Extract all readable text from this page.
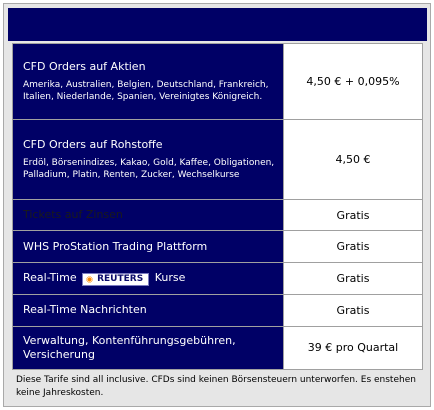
CFD Orders auf Aktien
Amerika, Australien, Belgien, Deutschland, Frankreich, Italien, Niederlande, Spanien, Vereinigtes Königreich.	4,50 € + 0,095%

CFD Orders auf Rohstoffe
Erdöl, Börsenindizes, Kakao, Gold, Kaffee, Obligationen, Palladium, Platin, Renten, Zucker, Wechselkurse	4,50 €
Tickets auf Zinsen	Gratis
WHS ProStation Trading Plattform	Gratis
Real-Time REUTERS Kurse	Gratis
Real-Time Nachrichten	Gratis
Verwaltung, Kontenführungsgebühren, Versicherung	39 € pro Quartal
Diese Tarife sind all inclusive. CFDs sind keinen Börsensteuern unterworfen. Es enstehen keine Jahreskosten.
